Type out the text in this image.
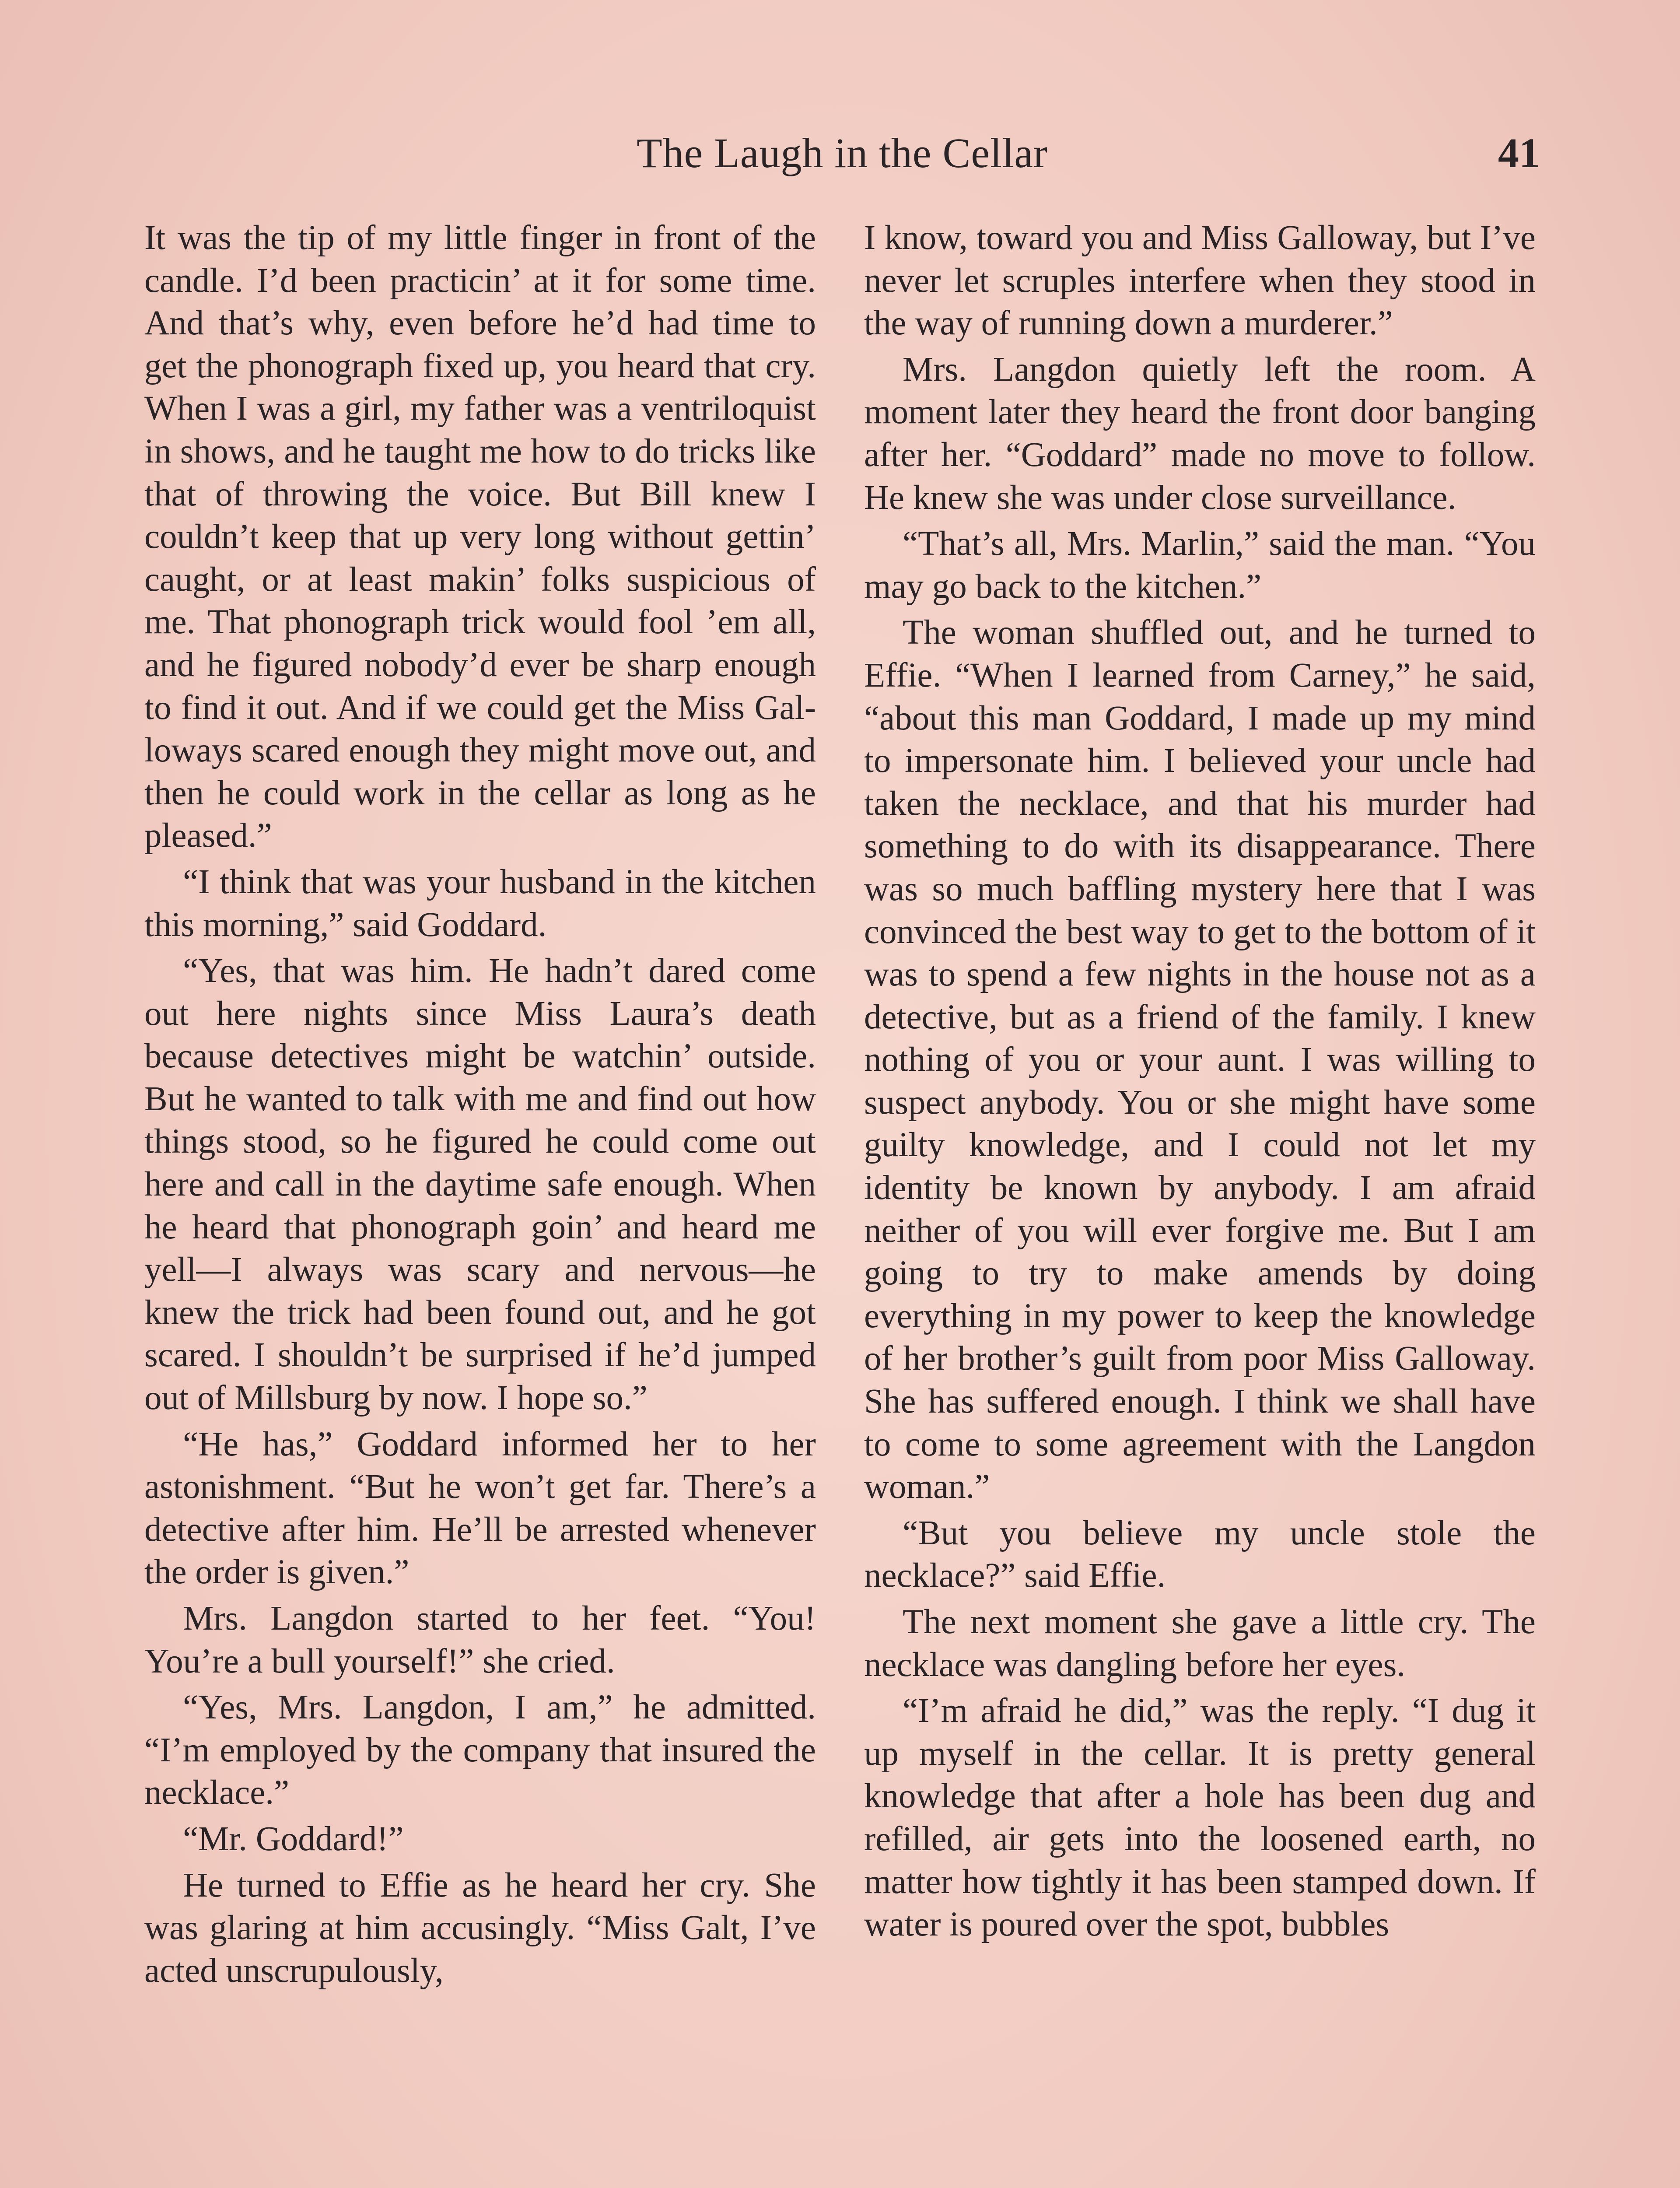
The Laugh in the Cellar	41

It was the tip of my little finger in front of the candle. I’d been practicin’ at it for some time. And that’s why, even before he’d had time to get the phonograph fixed up, you heard that cry. When I was a girl, my father was a ventriloquist in shows, and he taught me how to do tricks like that of throwing the voice. But Bill knew I couldn’t keep that up very long without gettin’ caught, or at least makin’ folks suspicious of me. That phonograph trick would fool ’em all, and he figured nobody’d ever be sharp enough to find it out. And if we could get the Miss Galloways scared enough they might move out, and then he could work in the cellar as long as he pleased.”

“I think that was your husband in the kitchen this morning,” said Goddard.

“Yes, that was him. He hadn’t dared come out here nights since Miss Laura’s death because detectives might be watchin’ outside. But he wanted to talk with me and find out how things stood, so he figured he could come out here and call in the daytime safe enough. When he heard that phonograph goin’ and heard me yell—I always was scary and nervous—he knew the trick had been found out, and he got scared. I shouldn’t be surprised if he’d jumped out of Millsburg by now. I hope so.”

“He has,” Goddard informed her to her astonishment. “But he won’t get far. There’s a detective after him. He’ll be arrested whenever the order is given.”

Mrs. Langdon started to her feet. “You! You’re a bull yourself!” she cried.

“Yes, Mrs. Langdon, I am,” he admitted. “I’m employed by the company that insured the necklace.”

“Mr. Goddard!”

He turned to Effie as he heard her cry. She was glaring at him accusingly. “Miss Galt, I’ve acted unscrupulously,

I know, toward you and Miss Galloway, but I’ve never let scruples interfere when they stood in the way of running down a murderer.”

Mrs. Langdon quietly left the room. A moment later they heard the front door banging after her. “Goddard” made no move to follow. He knew she was under close surveillance.

“That’s all, Mrs. Marlin,” said the man. “You may go back to the kitchen.”

The woman shuffled out, and he turned to Effie. “When I learned from Carney,” he said, “about this man Goddard, I made up my mind to impersonate him. I believed your uncle had taken the necklace, and that his murder had something to do with its disappearance. There was so much baffling mystery here that I was convinced the best way to get to the bottom of it was to spend a few nights in the house not as a detective, but as a friend of the family. I knew nothing of you or your aunt. I was willing to suspect anybody. You or she might have some guilty knowledge, and I could not let my identity be known by anybody. I am afraid neither of you will ever forgive me. But I am going to try to make amends by doing everything in my power to keep the knowledge of her brother’s guilt from poor Miss Galloway. She has suffered enough. I think we shall have to come to some agreement with the Langdon woman.”

“But you believe my uncle stole the necklace?” said Effie.

The next moment she gave a little cry. The necklace was dangling before her eyes.

“I’m afraid he did,” was the reply. “I dug it up myself in the cellar. It is pretty general knowledge that after a hole has been dug and refilled, air gets into the loosened earth, no matter how tightly it has been stamped down. If water is poured over the spot, bubbles
